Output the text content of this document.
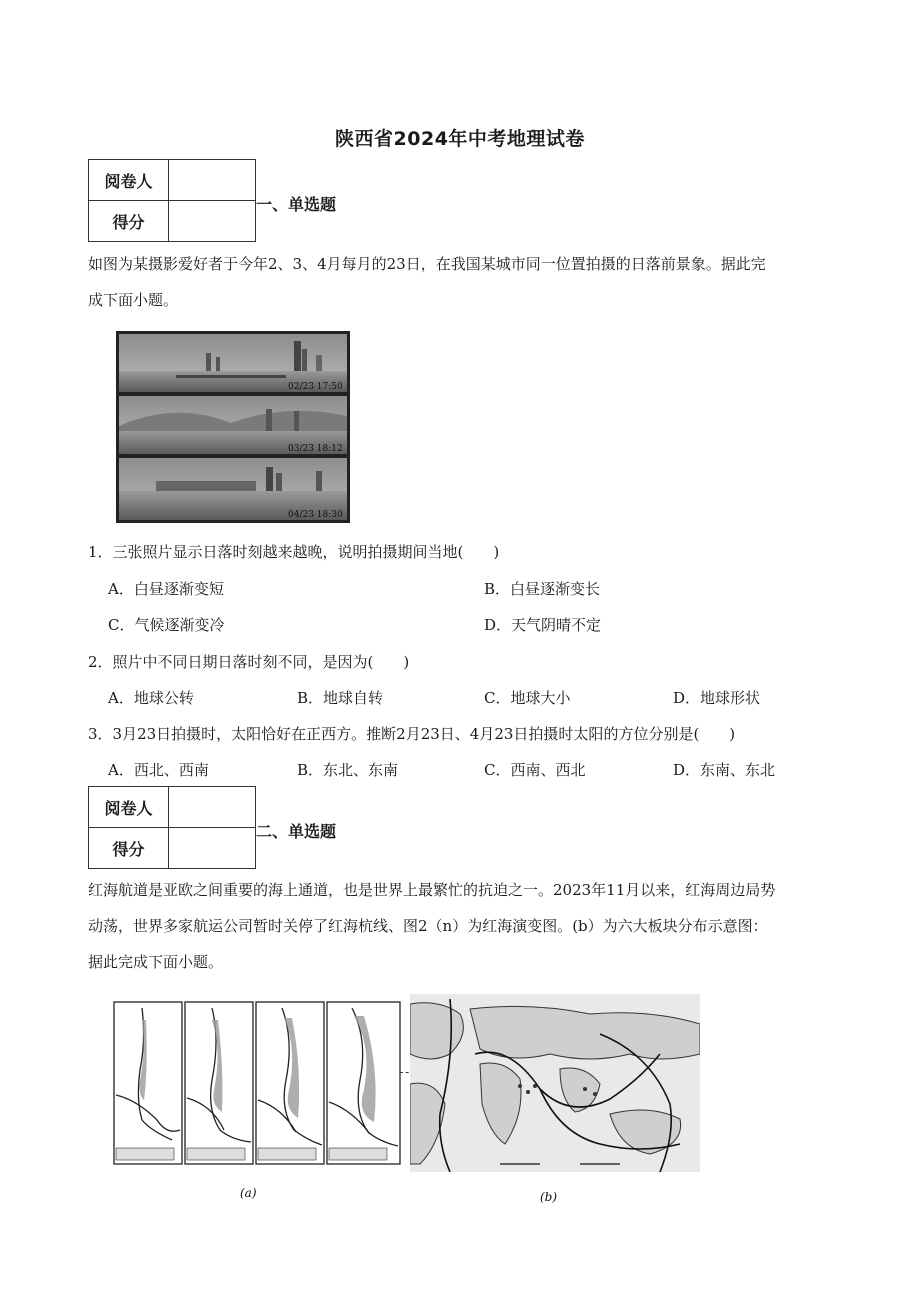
陕西省2024年中考地理试卷
阅卷人	
得分	
一、单选题
如图为某摄影爱好者于今年2、3、4月每月的23日，在我国某城市同一位置拍摄的日落前景象。据此完
成下面小题。
02/23 17:50
03/23 18:12
04/23 18:30
1．三张照片显示日落时刻越来越晚，说明拍摄期间当地(　　)
A．白昼逐渐变短	B．白昼逐渐变长
C．气候逐渐变冷	D．天气阴晴不定
2．照片中不同日期日落时刻不同，是因为(　　)
A．地球公转	B．地球自转	C．地球大小	D．地球形状
3．3月23日拍摄时，太阳恰好在正西方。推断2月23日、4月23日拍摄时太阳的方位分别是(　　)
A．西北、西南	B．东北、东南	C．西南、西北	D．东南、东北
阅卷人	
得分	
二、单选题
红海航道是亚欧之间重要的海上通道，也是世界上最繁忙的抗迫之一。2023年11月以来，红海周边局势
动荡，世界多家航运公司暂时关停了红海杭线、图2（n）为红海演变图。(b）为六大板块分布示意图：
据此完成下面小题。
(a)	(b)
